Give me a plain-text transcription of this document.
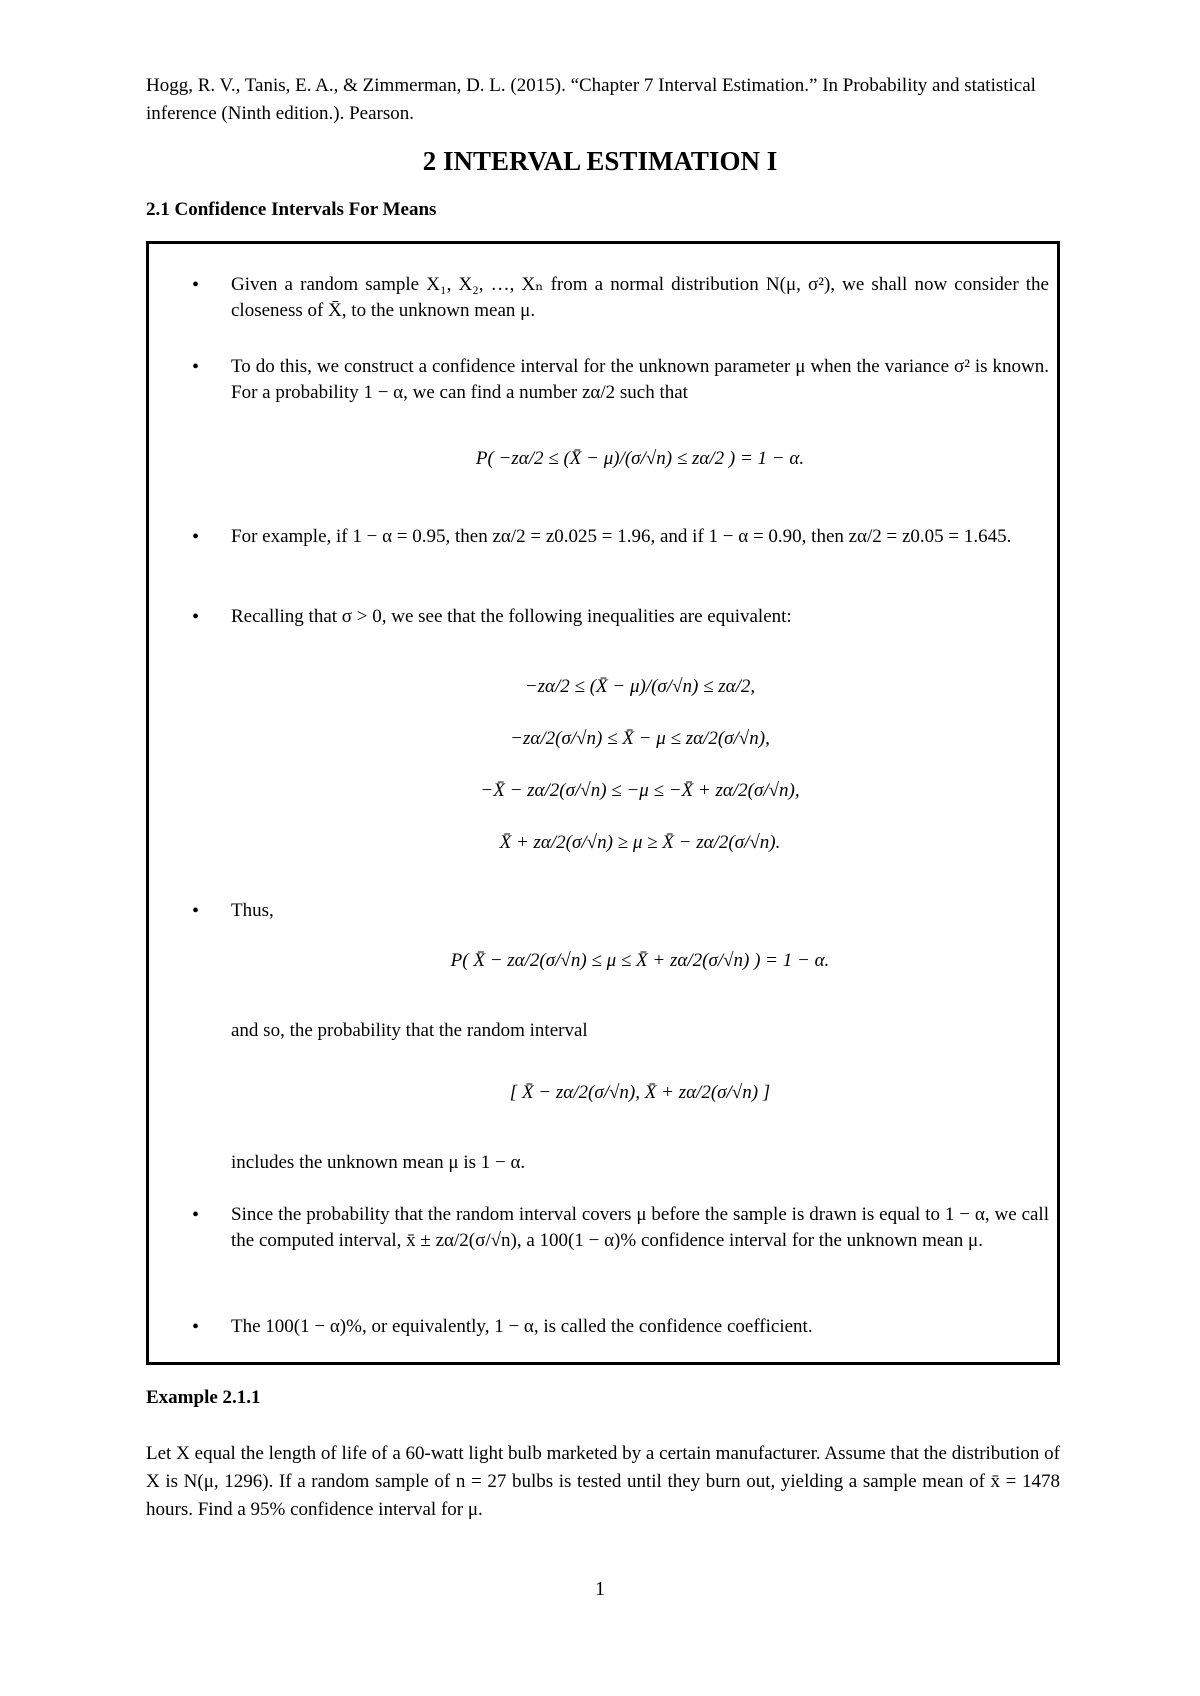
Hogg, R. V., Tanis, E. A., & Zimmerman, D. L. (2015). “Chapter 7 Interval Estimation.” In Probability and statistical inference (Ninth edition.). Pearson.
2 INTERVAL ESTIMATION I
2.1 Confidence Intervals For Means
• Given a random sample X₁, X₂, …, Xₙ from a normal distribution N(μ, σ²), we shall now consider the closeness of X̄, to the unknown mean μ.
• To do this, we construct a confidence interval for the unknown parameter μ when the variance σ² is known. For a probability 1 − α, we can find a number zα/2 such that
P( −zα/2 ≤ (X̄ − μ)/(σ/√n) ≤ zα/2 ) = 1 − α.
• For example, if 1 − α = 0.95, then zα/2 = z0.025 = 1.96, and if 1 − α = 0.90, then zα/2 = z0.05 = 1.645.
• Recalling that σ > 0, we see that the following inequalities are equivalent:
−zα/2 ≤ (X̄ − μ)/(σ/√n) ≤ zα/2,
−zα/2(σ/√n) ≤ X̄ − μ ≤ zα/2(σ/√n),
−X̄ − zα/2(σ/√n) ≤ −μ ≤ −X̄ + zα/2(σ/√n),
X̄ + zα/2(σ/√n) ≥ μ ≥ X̄ − zα/2(σ/√n).
• Thus,
P( X̄ − zα/2(σ/√n) ≤ μ ≤ X̄ + zα/2(σ/√n) ) = 1 − α.
and so, the probability that the random interval
[ X̄ − zα/2(σ/√n), X̄ + zα/2(σ/√n) ]
includes the unknown mean μ is 1 − α.
• Since the probability that the random interval covers μ before the sample is drawn is equal to 1 − α, we call the computed interval, x̄ ± zα/2(σ/√n), a 100(1 − α)% confidence interval for the unknown mean μ.
• The 100(1 − α)%, or equivalently, 1 − α, is called the confidence coefficient.
Example 2.1.1
Let X equal the length of life of a 60-watt light bulb marketed by a certain manufacturer. Assume that the distribution of X is N(μ, 1296). If a random sample of n = 27 bulbs is tested until they burn out, yielding a sample mean of x̄ = 1478 hours. Find a 95% confidence interval for μ.
1
